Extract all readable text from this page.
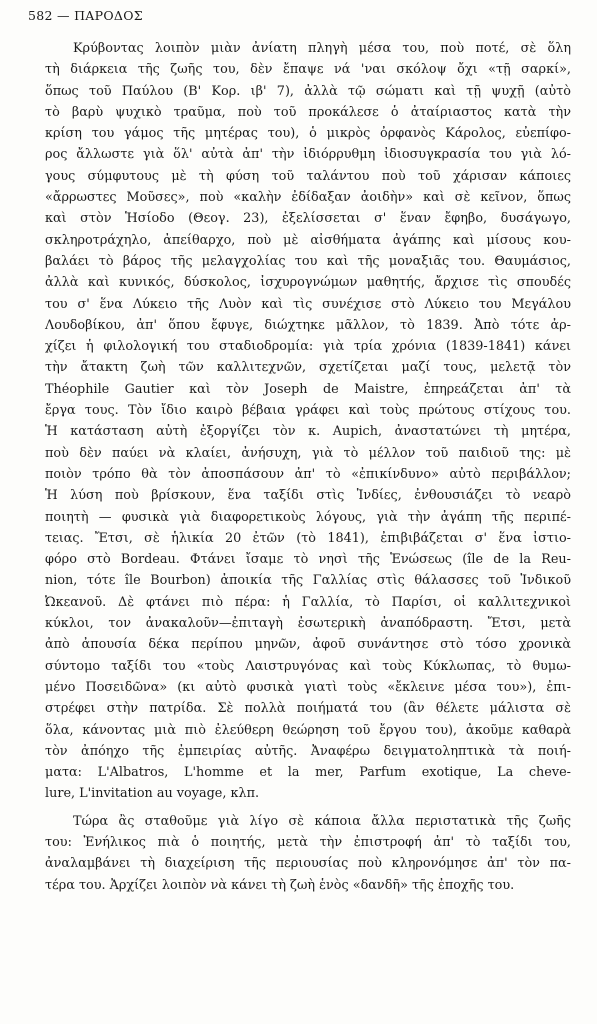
582 — ΠΑΡΟΔΟΣ

Κρύβοντας λοιπὸν μιὰν ἀνίατη πληγὴ μέσα του, ποὺ ποτέ, σὲ ὅλη
τὴ διάρκεια τῆς ζωῆς του, δὲν ἔπαψε νά 'ναι σκόλοψ ὄχι «τῇ σαρκί»,
ὅπως τοῦ Παύλου (Β' Κορ. ιβ' 7), ἀλλὰ τῷ σώματι καὶ τῇ ψυχῇ (αὐτὸ
τὸ βαρὺ ψυχικὸ τραῦμα, ποὺ τοῦ προκάλεσε ὁ ἀταίριαστος κατὰ τὴν
κρίση του γάμος τῆς μητέρας του), ὁ μικρὸς ὀρφανὸς Κάρολος, εὐεπίφο-
ρος ἄλλωστε γιὰ ὅλ' αὐτὰ ἀπ' τὴν ἰδιόρρυθμη ἰδιοσυγκρασία του γιὰ λό-
γους σύμφυτους μὲ τὴ φύση τοῦ ταλάντου ποὺ τοῦ χάρισαν κάποιες
«ἄρρωστες Μοῦσες», ποὺ «καλὴν ἐδίδαξαν ἀοιδὴν» καὶ σὲ κεῖνον, ὅπως
καὶ στὸν Ἡσίοδο (Θεογ. 23), ἐξελίσσεται σ' ἕναν ἔφηβο, δυσάγωγο,
σκληροτράχηλο, ἀπείθαρχο, ποὺ μὲ αἰσθήματα ἀγάπης καὶ μίσους κου-
βαλάει τὸ βάρος τῆς μελαγχολίας του καὶ τῆς μοναξιᾶς του. Θαυμάσιος,
ἀλλὰ καὶ κυνικός, δύσκολος, ἰσχυρογνώμων μαθητής, ἄρχισε τὶς σπουδές
του σ' ἕνα Λύκειο τῆς Λυὸν καὶ τὶς συνέχισε στὸ Λύκειο του Μεγάλου
Λουδοβίκου, ἀπ' ὅπου ἔφυγε, διώχτηκε μᾶλλον, τὸ 1839. Ἀπὸ τότε ἀρ-
χίζει ἡ φιλολογική του σταδιοδρομία: γιὰ τρία χρόνια (1839-1841) κάνει
τὴν ἄτακτη ζωὴ τῶν καλλιτεχνῶν, σχετίζεται μαζί τους, μελετᾷ τὸν
Théophile Gautier καὶ τὸν Joseph de Maistre, ἐπηρεάζεται ἀπ' τὰ
ἔργα τους. Τὸν ἴδιο καιρὸ βέβαια γράφει καὶ τοὺς πρώτους στίχους του.
Ἡ κατάσταση αὐτὴ ἐξοργίζει τὸν κ. Aupich, ἀναστατώνει τὴ μητέρα,
ποὺ δὲν παύει νὰ κλαίει, ἀνήσυχη, γιὰ τὸ μέλλον τοῦ παιδιοῦ της: μὲ
ποιὸν τρόπο θὰ τὸν ἀποσπάσουν ἀπ' τὸ «ἐπικίνδυνο» αὐτὸ περιβάλλον;
Ἡ λύση ποὺ βρίσκουν, ἕνα ταξίδι στὶς Ἰνδίες, ἐνθουσιάζει τὸ νεαρὸ
ποιητὴ — φυσικὰ γιὰ διαφορετικοὺς λόγους, γιὰ τὴν ἀγάπη τῆς περιπέ-
τειας. Ἔτσι, σὲ ἡλικία 20 ἐτῶν (τὸ 1841), ἐπιβιβάζεται σ' ἕνα ἰστιο-
φόρο στὸ Bordeau. Φτάνει ἴσαμε τὸ νησὶ τῆς Ἑνώσεως (île de la Reu-
nion, τότε île Bourbon) ἀποικία τῆς Γαλλίας στὶς θάλασσες τοῦ Ἰνδικοῦ
Ὠκεανοῦ. Δὲ φτάνει πιὸ πέρα: ἡ Γαλλία, τὸ Παρίσι, οἱ καλλιτεχνικοὶ
κύκλοι, τον ἀνακαλοῦν—ἐπιταγὴ ἐσωτερικὴ ἀναπόδραστη. Ἔτσι, μετὰ
ἀπὸ ἀπουσία δέκα περίπου μηνῶν, ἀφοῦ συνάντησε στὸ τόσο χρονικὰ
σύντομο ταξίδι του «τοὺς Λαιστρυγόνας καὶ τοὺς Κύκλωπας, τὸ θυμω-
μένο Ποσειδῶνα» (κι αὐτὸ φυσικὰ γιατὶ τοὺς «ἔκλεινε μέσα του»), ἐπι-
στρέφει στὴν πατρίδα. Σὲ πολλὰ ποιήματά του (ἂν θέλετε μάλιστα σὲ
ὅλα, κάνοντας μιὰ πιὸ ἐλεύθερη θεώρηση τοῦ ἔργου του), ἀκοῦμε καθαρὰ
τὸν ἀπόηχο τῆς ἐμπειρίας αὐτῆς. Ἀναφέρω δειγματοληπτικὰ τὰ ποιή-
ματα: L'Albatros, L'homme et la mer, Parfum exotique, La cheve-
lure, L'invitation au voyage, κλπ.

Τώρα ἂς σταθοῦμε γιὰ λίγο σὲ κάποια ἄλλα περιστατικὰ τῆς ζωῆς
του: Ἐνήλικος πιὰ ὁ ποιητής, μετὰ τὴν ἐπιστροφή ἀπ' τὸ ταξίδι του,
ἀναλαμβάνει τὴ διαχείριση τῆς περιουσίας ποὺ κληρονόμησε ἀπ' τὸν πα-
τέρα του. Ἀρχίζει λοιπὸν νὰ κάνει τὴ ζωὴ ἑνὸς «δανδῆ» τῆς ἐποχῆς του.
